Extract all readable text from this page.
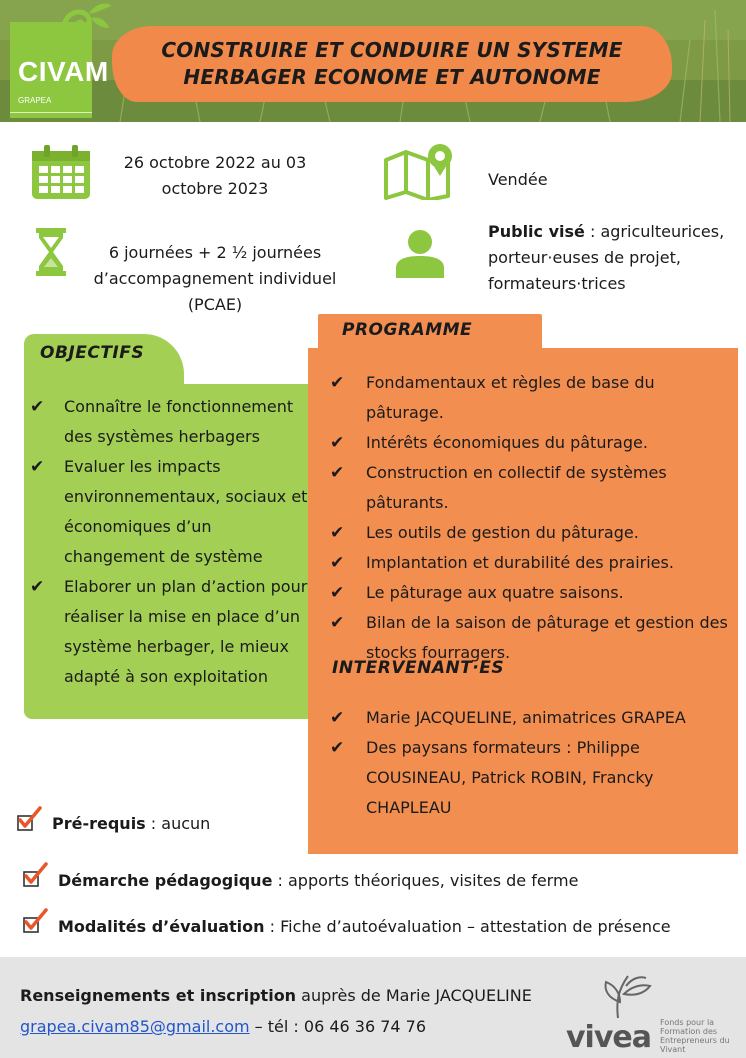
CIVAM
GRAPEA
CONSTRUIRE ET CONDUIRE UN SYSTEME
HERBAGER ECONOME ET AUTONOME
26 octobre 2022 au 03
octobre 2023
6 journées + 2 ½ journées
d’accompagnement individuel (PCAE)
Vendée
Public visé : agriculteurices,
porteur·euses de projet,
formateurs·trices
OBJECTIFS
✔ Connaître le fonctionnement des systèmes herbagers
✔ Evaluer les impacts environnementaux, sociaux et économiques d’un changement de système
✔ Elaborer un plan d’action pour réaliser la mise en place d’un système herbager, le mieux adapté à son exploitation
PROGRAMME
✔ Fondamentaux et règles de base du pâturage.
✔ Intérêts économiques du pâturage.
✔ Construction en collectif de systèmes pâturants.
✔ Les outils de gestion du pâturage.
✔ Implantation et durabilité des prairies.
✔ Le pâturage aux quatre saisons.
✔ Bilan de la saison de pâturage et gestion des stocks fourragers.
INTERVENANT·ES
✔ Marie JACQUELINE, animatrices GRAPEA
✔ Des paysans formateurs : Philippe COUSINEAU, Patrick ROBIN, Francky CHAPLEAU
Pré-requis : aucun
Démarche pédagogique : apports théoriques, visites de ferme
Modalités d’évaluation : Fiche d’autoévaluation – attestation de présence
Renseignements et inscription auprès de Marie JACQUELINE
grapea.civam85@gmail.com – tél : 06 46 36 74 76	vivea Fonds pour la Formation des Entrepreneurs du Vivant
